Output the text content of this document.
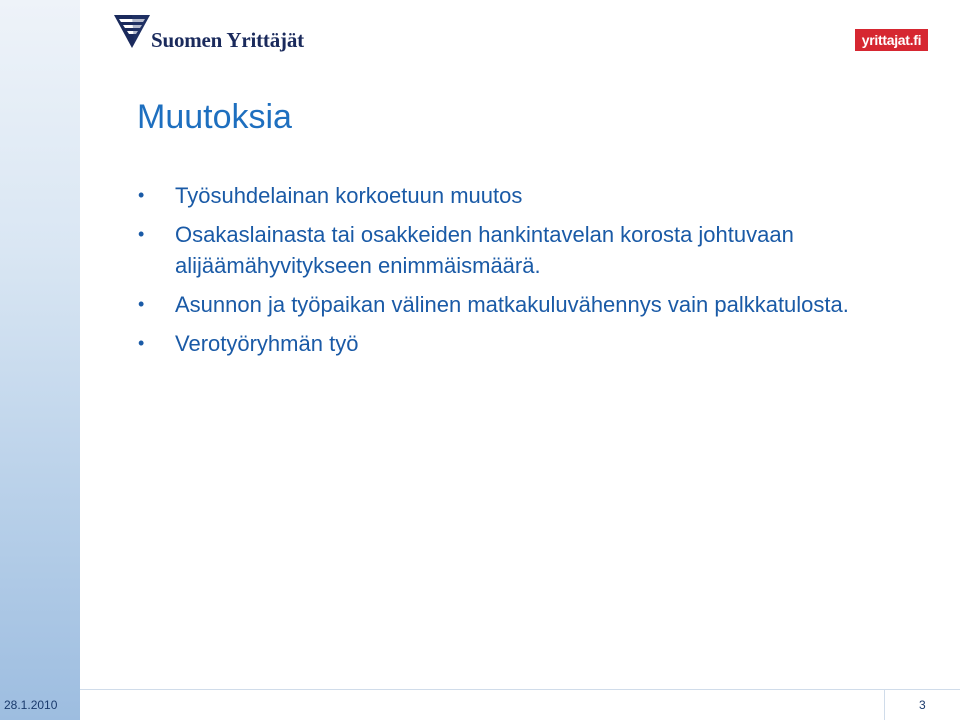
Suomen Yrittäjät	yrittajat.fi
Muutoksia
• Työsuhdelainan korkoetuun muutos
• Osakaslainasta tai osakkeiden hankintavelan korosta johtuvaan alijäämähyvitykseen enimmäismäärä.
• Asunnon ja työpaikan välinen matkakuluvähennys vain palkkatulosta.
• Verotyöryhmän työ
28.1.2010	3
